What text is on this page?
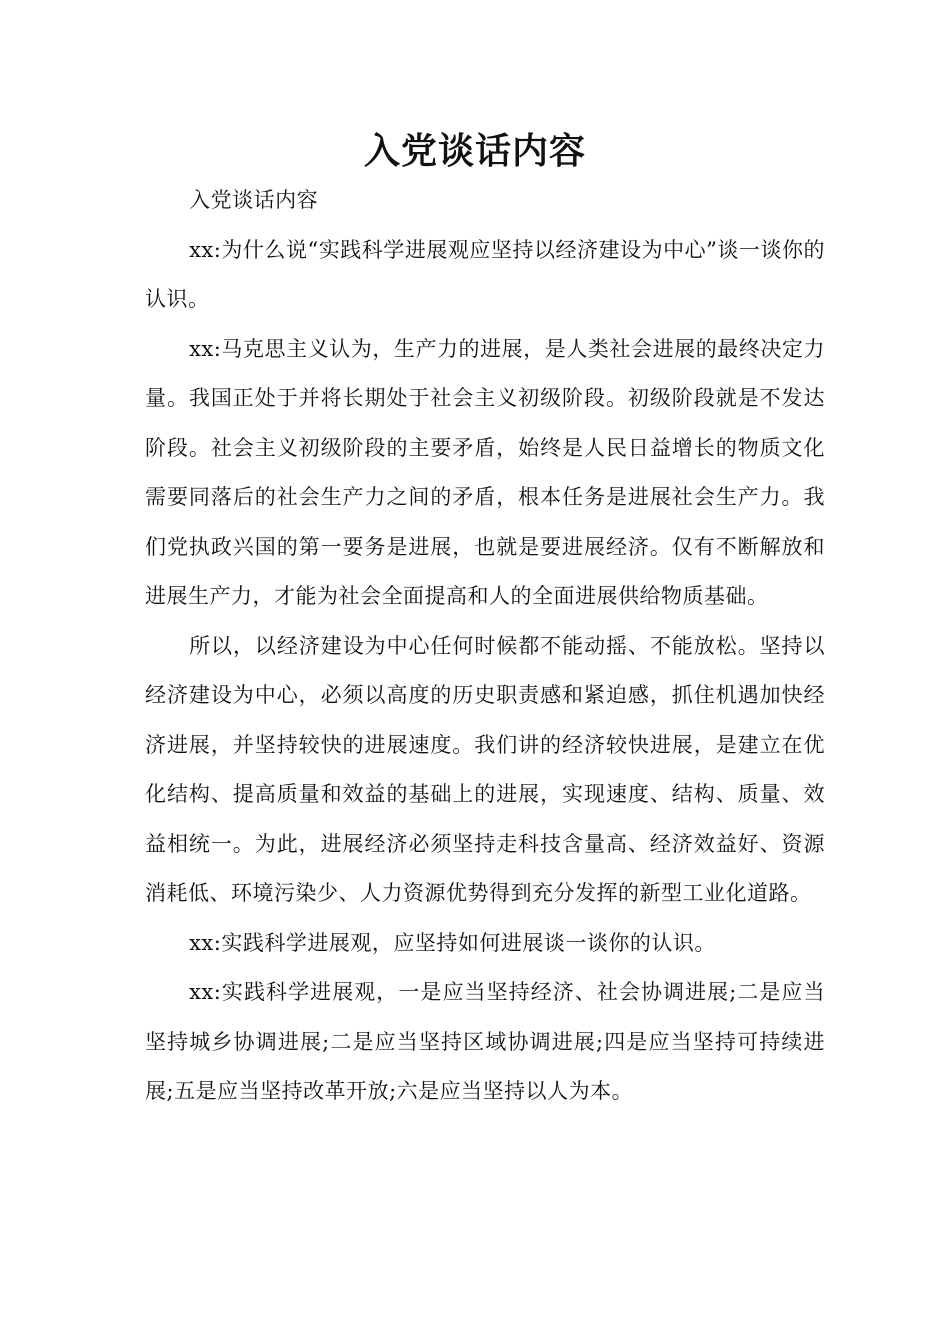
入党谈话内容

入党谈话内容

xx:为什么说“实践科学进展观应坚持以经济建设为中心”谈一谈你的认识。

xx:马克思主义认为，生产力的进展，是人类社会进展的最终决定力量。我国正处于并将长期处于社会主义初级阶段。初级阶段就是不发达阶段。社会主义初级阶段的主要矛盾，始终是人民日益增长的物质文化需要同落后的社会生产力之间的矛盾，根本任务是进展社会生产力。我们党执政兴国的第一要务是进展，也就是要进展经济。仅有不断解放和进展生产力，才能为社会全面提高和人的全面进展供给物质基础。

所以，以经济建设为中心任何时候都不能动摇、不能放松。坚持以经济建设为中心，必须以高度的历史职责感和紧迫感，抓住机遇加快经济进展，并坚持较快的进展速度。我们讲的经济较快进展，是建立在优化结构、提高质量和效益的基础上的进展，实现速度、结构、质量、效益相统一。为此，进展经济必须坚持走科技含量高、经济效益好、资源消耗低、环境污染少、人力资源优势得到充分发挥的新型工业化道路。

xx:实践科学进展观，应坚持如何进展谈一谈你的认识。

xx:实践科学进展观，一是应当坚持经济、社会协调进展;二是应当坚持城乡协调进展;二是应当坚持区域协调进展;四是应当坚持可持续进展;五是应当坚持改革开放;六是应当坚持以人为本。
